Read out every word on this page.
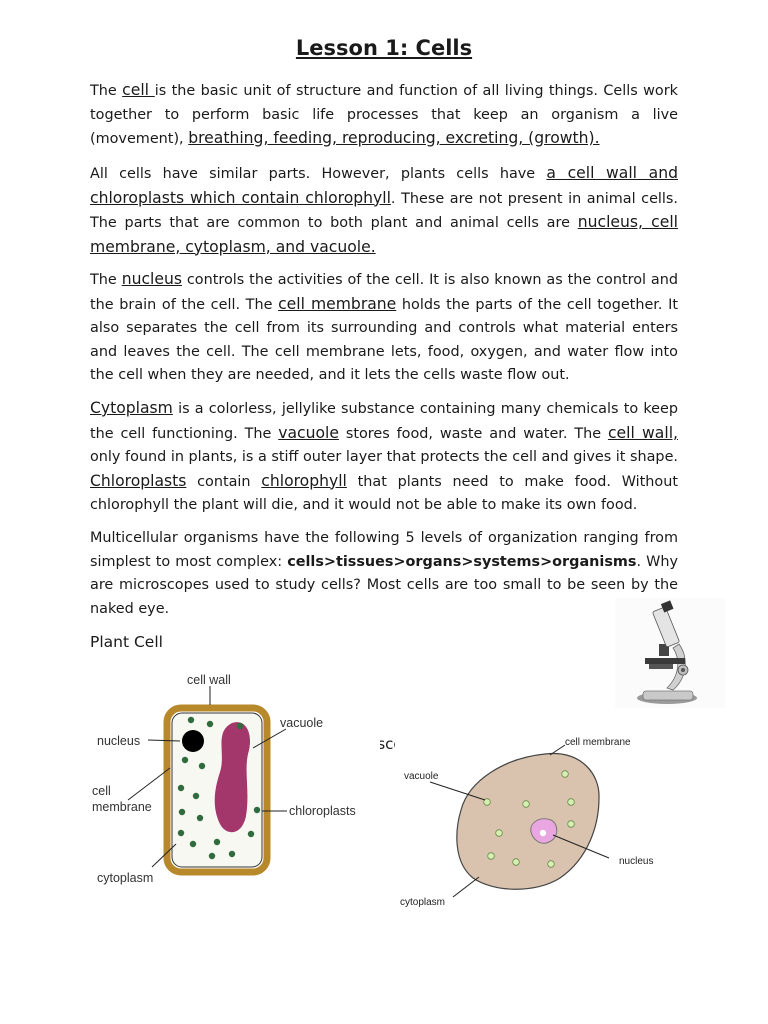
Lesson 1: Cells

The cell is the basic unit of structure and function of all living things. Cells work together to perform basic life processes that keep an organism a live (movement), breathing, feeding, reproducing, excreting, (growth).

All cells have similar parts. However, plants cells have a cell wall and chloroplasts which contain chlorophyll. These are not present in animal cells. The parts that are common to both plant and animal cells are nucleus, cell membrane, cytoplasm, and vacuole.

The nucleus controls the activities of the cell. It is also known as the control and the brain of the cell. The cell membrane holds the parts of the cell together. It also separates the cell from its surrounding and controls what material enters and leaves the cell. The cell membrane lets, food, oxygen, and water flow into the cell when they are needed, and it lets the cells waste flow out.

Cytoplasm is a colorless, jellylike substance containing many chemicals to keep the cell functioning. The vacuole stores food, waste and water. The cell wall, only found in plants, is a stiff outer layer that protects the cell and gives it shape. Chloroplasts contain chlorophyll that plants need to make food. Without chlorophyll the plant will die, and it would not be able to make its own food.

Multicellular organisms have the following 5 levels of organization ranging from simplest to most complex: cells>tissues>organs>systems>organisms. Why are microscopes used to study cells? Most cells are too small to be seen by the naked eye.

Plant Cell
cell wall
vacuole
nucleus
cell
membrane	chloroplasts
cytoplasm
cell membrane
vacuole
nucleus
cytoplasm
